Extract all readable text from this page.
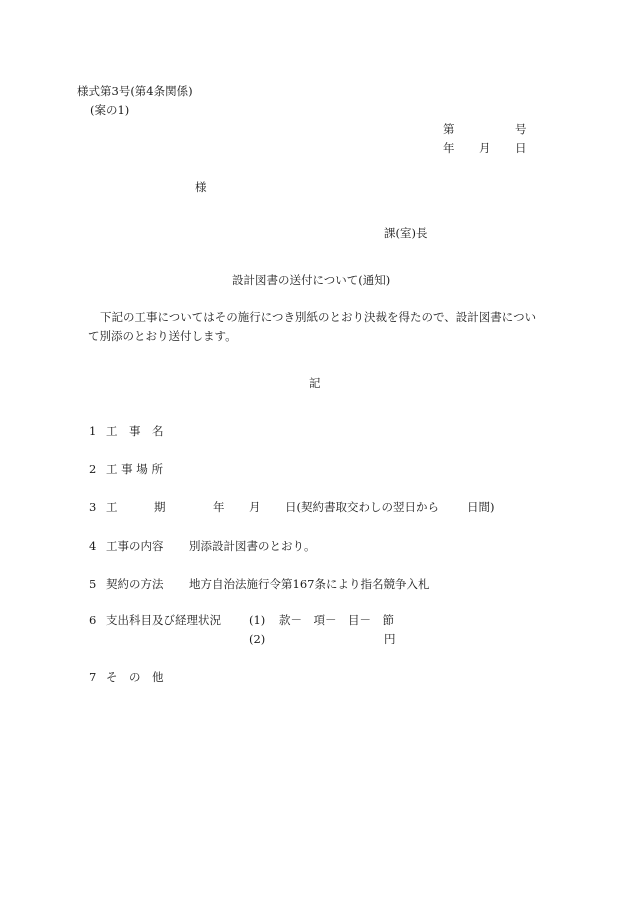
様式第3号(第4条関係)
(案の1)
第	号
年 月 日
様
課(室)長
設計図書の送付について(通知)
下記の工事についてはその施行につき別紙のとおり決裁を得たので、設計図書につい
て別添のとおり送付します。
記
1 工　事　名
2 工 事 場 所
3 工	期	年 月 日(契約書取交わしの翌日から 日間)
4 工事の内容 別添設計図書のとおり。
5 契約の方法 地方自治法施行令第167条により指名競争入札
6 支出科目及び経理状況 (1) 款－　項－　目－　節
(2)	円
7 そ　の　他
